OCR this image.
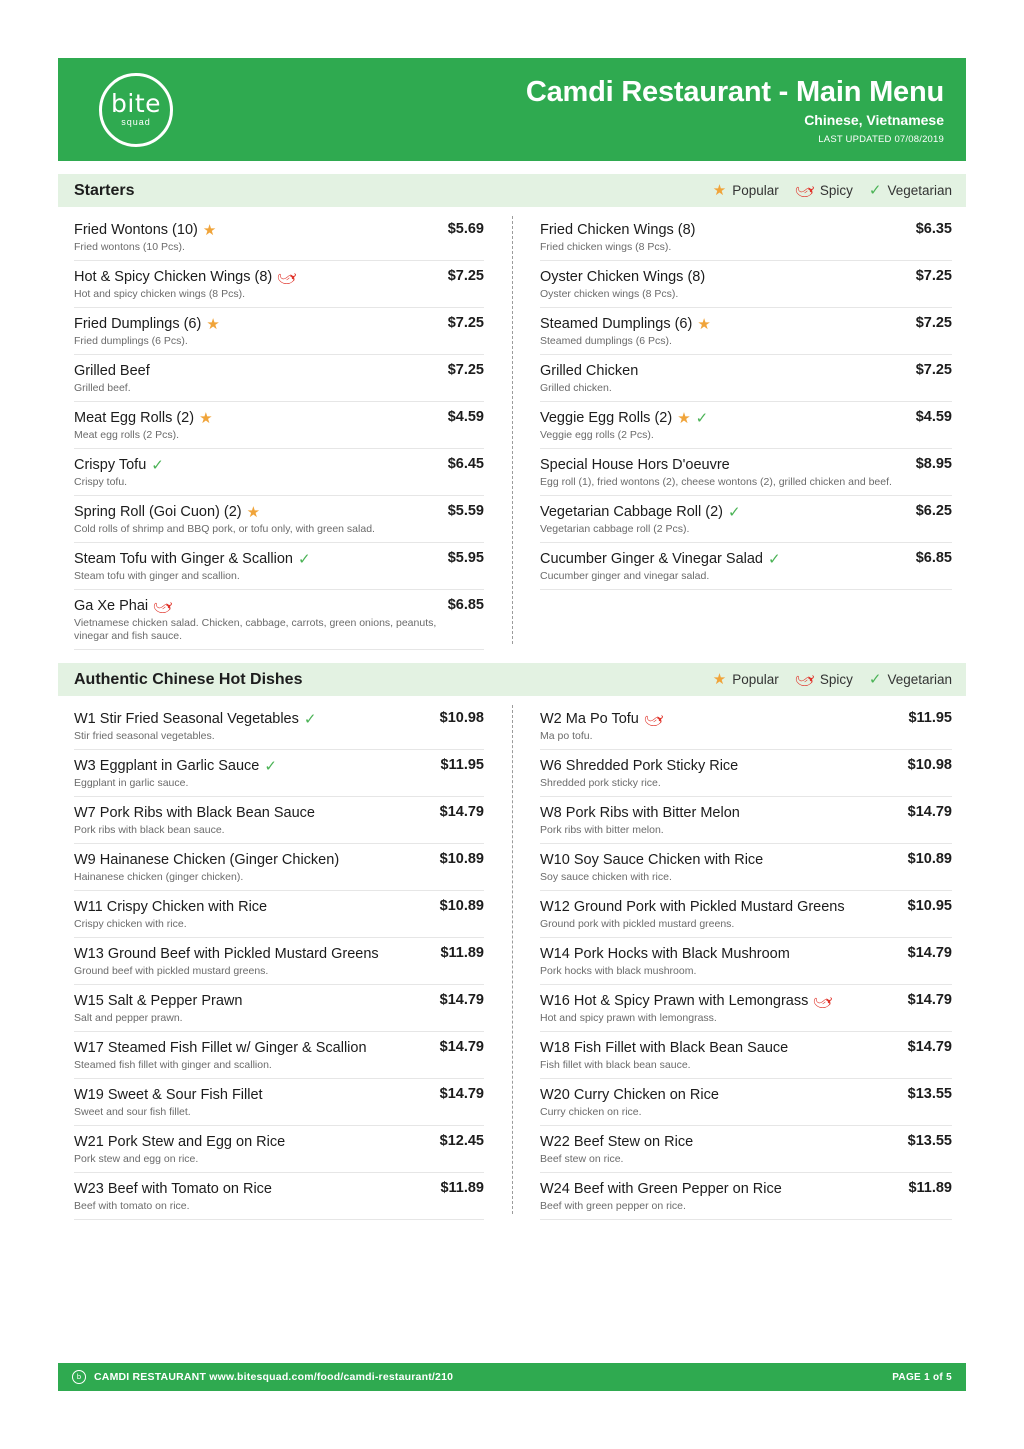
bite
squad
Camdi Restaurant - Main Menu
Chinese, Vietnamese
LAST UPDATED 07/08/2019
Starters	★ Popular 🌶 Spicy ✓ Vegetarian
Fried Wontons (10) ★	$5.69
Fried wontons (10 Pcs).
Hot & Spicy Chicken Wings (8) 🌶	$7.25
Hot and spicy chicken wings (8 Pcs).
Fried Dumplings (6) ★	$7.25
Fried dumplings (6 Pcs).
Grilled Beef	$7.25
Grilled beef.
Meat Egg Rolls (2) ★	$4.59
Meat egg rolls (2 Pcs).
Crispy Tofu ✓	$6.45
Crispy tofu.
Spring Roll (Goi Cuon) (2) ★	$5.59
Cold rolls of shrimp and BBQ pork, or tofu only, with green salad.
Steam Tofu with Ginger & Scallion ✓	$5.95
Steam tofu with ginger and scallion.
Ga Xe Phai 🌶	$6.85
Vietnamese chicken salad. Chicken, cabbage, carrots, green onions, peanuts, vinegar and fish sauce.
Fried Chicken Wings (8)	$6.35
Fried chicken wings (8 Pcs).
Oyster Chicken Wings (8)	$7.25
Oyster chicken wings (8 Pcs).
Steamed Dumplings (6) ★	$7.25
Steamed dumplings (6 Pcs).
Grilled Chicken	$7.25
Grilled chicken.
Veggie Egg Rolls (2) ★ ✓	$4.59
Veggie egg rolls (2 Pcs).
Special House Hors D'oeuvre	$8.95
Egg roll (1), fried wontons (2), cheese wontons (2), grilled chicken and beef.
Vegetarian Cabbage Roll (2) ✓	$6.25
Vegetarian cabbage roll (2 Pcs).
Cucumber Ginger & Vinegar Salad ✓	$6.85
Cucumber ginger and vinegar salad.
Authentic Chinese Hot Dishes	★ Popular 🌶 Spicy ✓ Vegetarian
W1 Stir Fried Seasonal Vegetables ✓	$10.98
Stir fried seasonal vegetables.
W3 Eggplant in Garlic Sauce ✓	$11.95
Eggplant in garlic sauce.
W7 Pork Ribs with Black Bean Sauce	$14.79
Pork ribs with black bean sauce.
W9 Hainanese Chicken (Ginger Chicken)	$10.89
Hainanese chicken (ginger chicken).
W11 Crispy Chicken with Rice	$10.89
Crispy chicken with rice.
W13 Ground Beef with Pickled Mustard Greens	$11.89
Ground beef with pickled mustard greens.
W15 Salt & Pepper Prawn	$14.79
Salt and pepper prawn.
W17 Steamed Fish Fillet w/ Ginger & Scallion	$14.79
Steamed fish fillet with ginger and scallion.
W19 Sweet & Sour Fish Fillet	$14.79
Sweet and sour fish fillet.
W21 Pork Stew and Egg on Rice	$12.45
Pork stew and egg on rice.
W23 Beef with Tomato on Rice	$11.89
Beef with tomato on rice.
W2 Ma Po Tofu 🌶	$11.95
Ma po tofu.
W6 Shredded Pork Sticky Rice	$10.98
Shredded pork sticky rice.
W8 Pork Ribs with Bitter Melon	$14.79
Pork ribs with bitter melon.
W10 Soy Sauce Chicken with Rice	$10.89
Soy sauce chicken with rice.
W12 Ground Pork with Pickled Mustard Greens	$10.95
Ground pork with pickled mustard greens.
W14 Pork Hocks with Black Mushroom	$14.79
Pork hocks with black mushroom.
W16 Hot & Spicy Prawn with Lemongrass 🌶	$14.79
Hot and spicy prawn with lemongrass.
W18 Fish Fillet with Black Bean Sauce	$14.79
Fish fillet with black bean sauce.
W20 Curry Chicken on Rice	$13.55
Curry chicken on rice.
W22 Beef Stew on Rice	$13.55
Beef stew on rice.
W24 Beef with Green Pepper on Rice	$11.89
Beef with green pepper on rice.
b	CAMDI RESTAURANT www.bitesquad.com/food/camdi-restaurant/210	PAGE 1 of 5
